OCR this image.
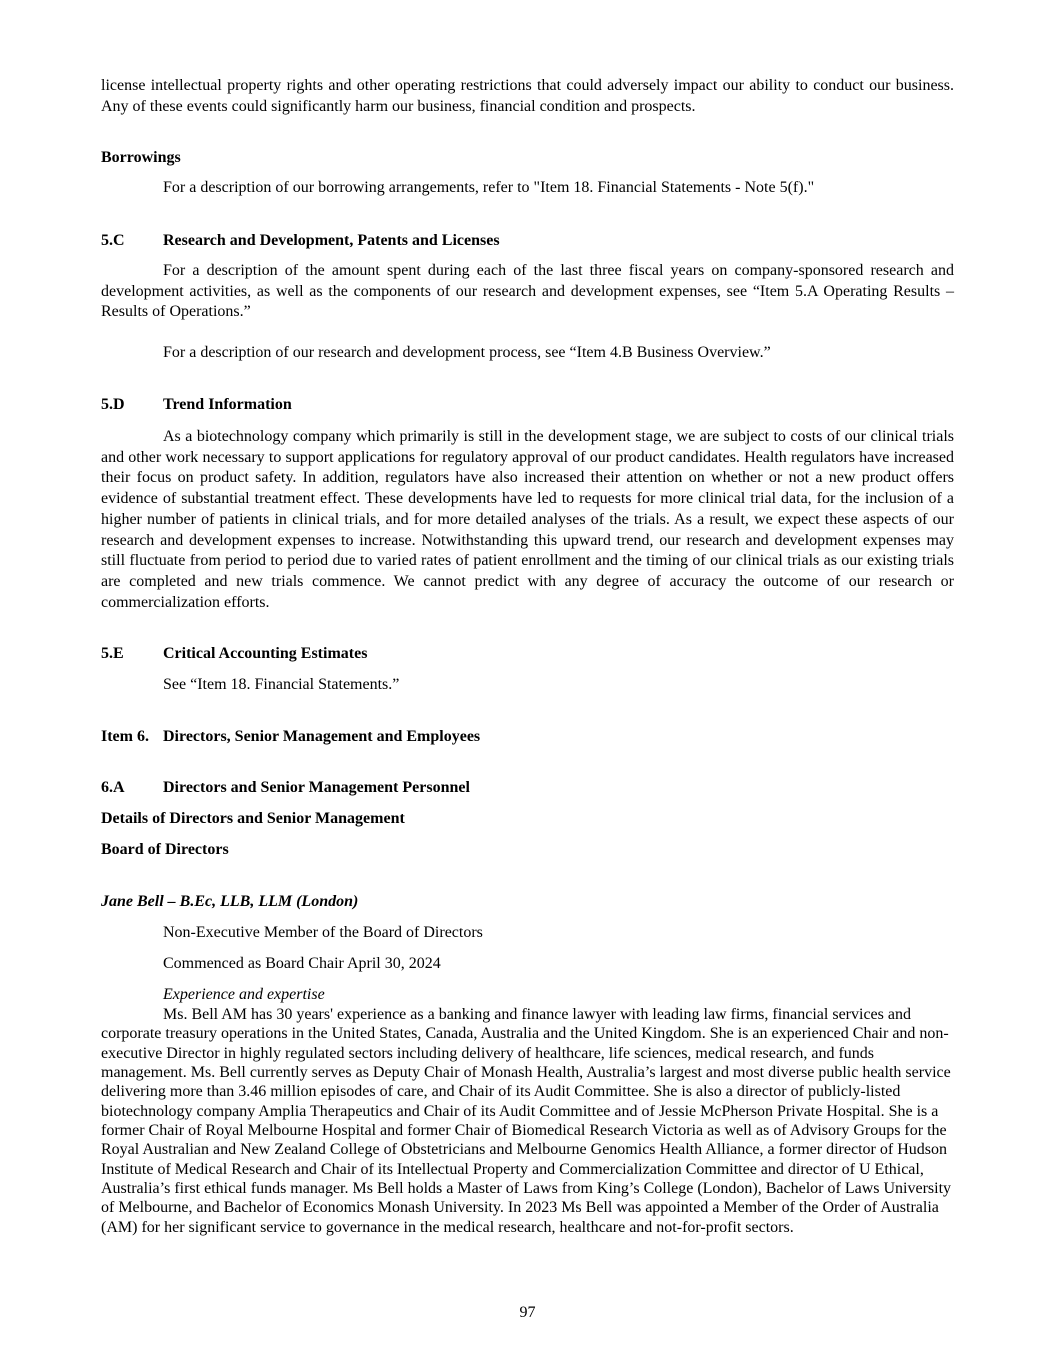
license intellectual property rights and other operating restrictions that could adversely impact our ability to conduct our business. Any of these events could significantly harm our business, financial condition and prospects.
Borrowings
For a description of our borrowing arrangements, refer to "Item 18. Financial Statements - Note 5(f)."
5.C Research and Development, Patents and Licenses
For a description of the amount spent during each of the last three fiscal years on company-sponsored research and development activities, as well as the components of our research and development expenses, see “Item 5.A Operating Results – Results of Operations.”
For a description of our research and development process, see “Item 4.B Business Overview.”
5.D Trend Information
As a biotechnology company which primarily is still in the development stage, we are subject to costs of our clinical trials and other work necessary to support applications for regulatory approval of our product candidates. Health regulators have increased their focus on product safety. In addition, regulators have also increased their attention on whether or not a new product offers evidence of substantial treatment effect. These developments have led to requests for more clinical trial data, for the inclusion of a higher number of patients in clinical trials, and for more detailed analyses of the trials. As a result, we expect these aspects of our research and development expenses to increase. Notwithstanding this upward trend, our research and development expenses may still fluctuate from period to period due to varied rates of patient enrollment and the timing of our clinical trials as our existing trials are completed and new trials commence. We cannot predict with any degree of accuracy the outcome of our research or commercialization efforts.
5.E Critical Accounting Estimates
See “Item 18. Financial Statements.”
Item 6. Directors, Senior Management and Employees
6.A Directors and Senior Management Personnel
Details of Directors and Senior Management
Board of Directors
Jane Bell – B.Ec, LLB, LLM (London)
Non-Executive Member of the Board of Directors
Commenced as Board Chair April 30, 2024
Experience and expertise
Ms. Bell AM has 30 years' experience as a banking and finance lawyer with leading law firms, financial services and corporate treasury operations in the United States, Canada, Australia and the United Kingdom. She is an experienced Chair and non-executive Director in highly regulated sectors including delivery of healthcare, life sciences, medical research, and funds management. Ms. Bell currently serves as Deputy Chair of Monash Health, Australia’s largest and most diverse public health service delivering more than 3.46 million episodes of care, and Chair of its Audit Committee. She is also a director of publicly-listed biotechnology company Amplia Therapeutics and Chair of its Audit Committee and of Jessie McPherson Private Hospital. She is a former Chair of Royal Melbourne Hospital and former Chair of Biomedical Research Victoria as well as of Advisory Groups for the Royal Australian and New Zealand College of Obstetricians and Melbourne Genomics Health Alliance, a former director of Hudson Institute of Medical Research and Chair of its Intellectual Property and Commercialization Committee and director of U Ethical, Australia’s first ethical funds manager. Ms Bell holds a Master of Laws from King’s College (London), Bachelor of Laws University of Melbourne, and Bachelor of Economics Monash University. In 2023 Ms Bell was appointed a Member of the Order of Australia (AM) for her significant service to governance in the medical research, healthcare and not-for-profit sectors.
97
